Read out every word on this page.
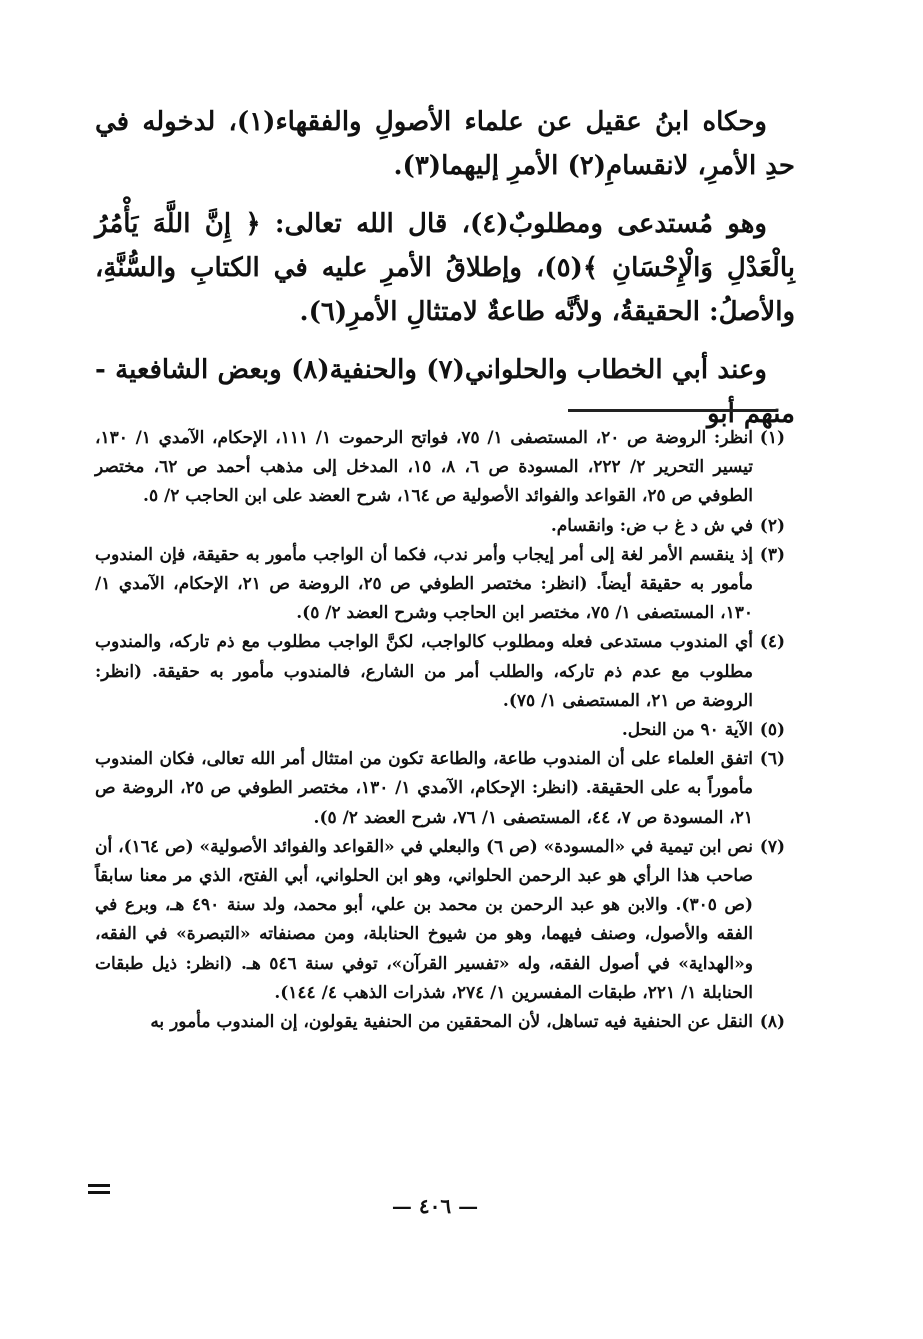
وحكاه ابنُ عقيل عن علماء الأصولِ والفقهاء(١)، لدخوله في حدِ الأمرِ، لانقسامِ(٢) الأمرِ إليهما(٣).

وهو مُستدعى ومطلوبٌ(٤)، قال الله تعالى: ﴿ إِنَّ اللَّهَ يَأْمُرُ بِالْعَدْلِ وَالْإِحْسَانِ ﴾(٥)، وإطلاقُ الأمرِ عليه في الكتابِ والسُّنَّةِ، والأصلُ: الحقيقةُ، ولأنَّه طاعةٌ لامتثالِ الأمرِ(٦).

وعند أبي الخطاب والحلواني(٧) والحنفية(٨) وبعض الشافعية - منهم أبو

(١)انظر: الروضة ص ٢٠، المستصفى ١/ ٧٥، فواتح الرحموت ١/ ١١١، الإحكام، الآمدي ١/ ١٣٠، تيسير التحرير ٢/ ٢٢٢، المسودة ص ٦، ٨، ١٥، المدخل إلى مذهب أحمد ص ٦٢، مختصر الطوفي ص ٢٥، القواعد والفوائد الأصولية ص ١٦٤، شرح العضد على ابن الحاجب ٢/ ٥.

(٢)في ش د غ ب ض: وانقسام.

(٣)إذ ينقسم الأمر لغة إلى أمر إيجاب وأمر ندب، فكما أن الواجب مأمور به حقيقة، فإن المندوب مأمور به حقيقة أيضاً. (انظر: مختصر الطوفي ص ٢٥، الروضة ص ٢١، الإحكام، الآمدي ١/ ١٣٠، المستصفى ١/ ٧٥، مختصر ابن الحاجب وشرح العضد ٢/ ٥).

(٤)أي المندوب مستدعى فعله ومطلوب كالواجب، لكنَّ الواجب مطلوب مع ذم تاركه، والمندوب مطلوب مع عدم ذم تاركه، والطلب أمر من الشارع، فالمندوب مأمور به حقيقة. (انظر: الروضة ص ٢١، المستصفى ١/ ٧٥).

(٥)الآية ٩٠ من النحل.

(٦)اتفق العلماء على أن المندوب طاعة، والطاعة تكون من امتثال أمر الله تعالى، فكان المندوب مأموراً به على الحقيقة. (انظر: الإحكام، الآمدي ١/ ١٣٠، مختصر الطوفي ص ٢٥، الروضة ص ٢١، المسودة ص ٧، ٤٤، المستصفى ١/ ٧٦، شرح العضد ٢/ ٥).

(٧)نص ابن تيمية في «المسودة» (ص ٦) والبعلي في «القواعد والفوائد الأصولية» (ص ١٦٤)، أن صاحب هذا الرأي هو عبد الرحمن الحلواني، وهو ابن الحلواني، أبي الفتح، الذي مر معنا سابقاً (ص ٣٠٥). والابن هو عبد الرحمن بن محمد بن علي، أبو محمد، ولد سنة ٤٩٠ هـ، وبرع في الفقه والأصول، وصنف فيهما، وهو من شيوخ الحنابلة، ومن مصنفاته «التبصرة» في الفقه، و«الهداية» في أصول الفقه، وله «تفسير القرآن»، توفي سنة ٥٤٦ هـ. (انظر: ذيل طبقات الحنابلة ١/ ٢٢١، طبقات المفسرين ١/ ٢٧٤، شذرات الذهب ٤/ ١٤٤).

(٨)النقل عن الحنفية فيه تساهل، لأن المحققين من الحنفية يقولون، إن المندوب مأمور به

— ٤٠٦ —
